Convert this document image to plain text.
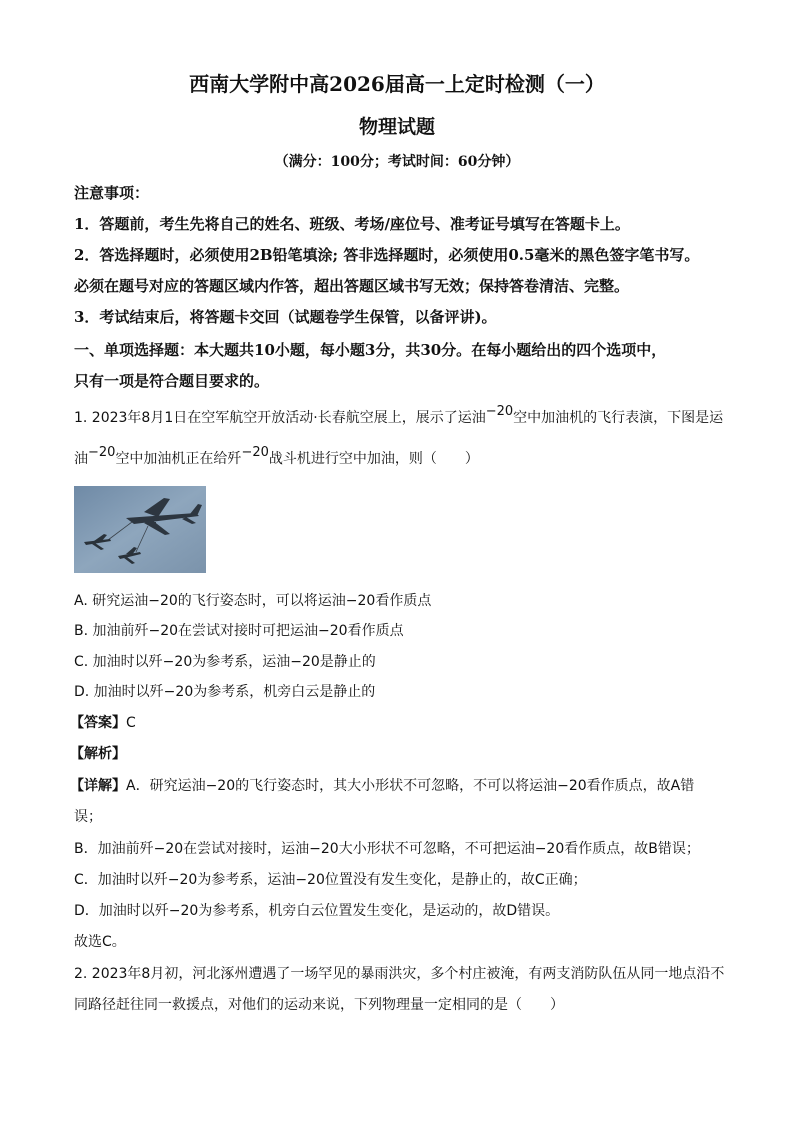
西南大学附中高2026届高一上定时检测（一）
物理试题
（满分：100分；考试时间：60分钟）
注意事项：
1．答题前，考生先将自己的姓名、班级、考场/座位号、准考证号填写在答题卡上。
2．答选择题时，必须使用2B铅笔填涂; 答非选择题时，必须使用0.5毫米的黑色签字笔书写。
必须在题号对应的答题区域内作答，超出答题区域书写无效；保持答卷清洁、完整。
3．考试结束后，将答题卡交回（试题卷学生保管，以备评讲)。
一、单项选择题：本大题共10小题，每小题3分，共30分。在每小题给出的四个选项中，
只有一项是符合题目要求的。
1. 2023年8月1日在空军航空开放活动·长春航空展上，展示了运油−20空中加油机的飞行表演，下图是运
油−20空中加油机正在给歼−20战斗机进行空中加油，则（　　）
A. 研究运油−20的飞行姿态时，可以将运油−20看作质点
B. 加油前歼−20在尝试对接时可把运油−20看作质点
C. 加油时以歼−20为参考系，运油−20是静止的
D. 加油时以歼−20为参考系，机旁白云是静止的
【答案】C
【解析】
【详解】A．研究运油−20的飞行姿态时，其大小形状不可忽略，不可以将运油−20看作质点，故A错
误；
B．加油前歼−20在尝试对接时，运油−20大小形状不可忽略，不可把运油−20看作质点，故B错误；
C．加油时以歼−20为参考系，运油−20位置没有发生变化，是静止的，故C正确；
D．加油时以歼−20为参考系，机旁白云位置发生变化，是运动的，故D错误。
故选C。
2. 2023年8月初，河北涿州遭遇了一场罕见的暴雨洪灾，多个村庄被淹，有两支消防队伍从同一地点沿不
同路径赶往同一救援点，对他们的运动来说，下列物理量一定相同的是（　　）
